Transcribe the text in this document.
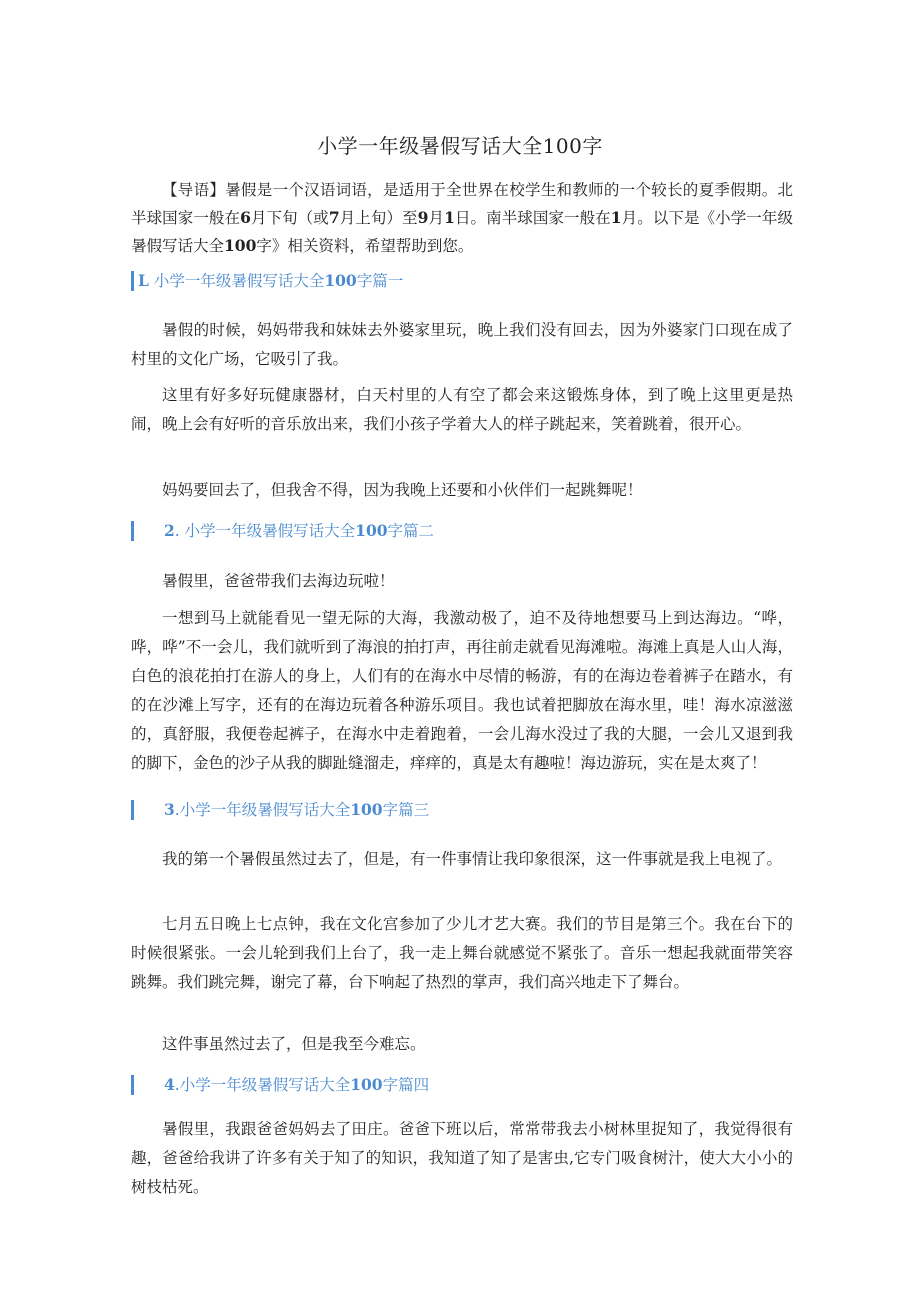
小学一年级暑假写话大全100字
【导语】暑假是一个汉语词语，是适用于全世界在校学生和教师的一个较长的夏季假期。北半球国家一般在6月下旬（或7月上旬）至9月1日。南半球国家一般在1月。以下是《小学一年级暑假写话大全100字》相关资料，希望帮助到您。
L 小学一年级暑假写话大全100字篇一
暑假的时候，妈妈带我和妹妹去外婆家里玩，晚上我们没有回去，因为外婆家门口现在成了村里的文化广场，它吸引了我。
这里有好多好玩健康器材，白天村里的人有空了都会来这锻炼身体，到了晚上这里更是热闹，晚上会有好听的音乐放出来，我们小孩子学着大人的样子跳起来，笑着跳着，很开心。
妈妈要回去了，但我舍不得，因为我晚上还要和小伙伴们一起跳舞呢！
2. 小学一年级暑假写话大全100字篇二
暑假里，爸爸带我们去海边玩啦！
一想到马上就能看见一望无际的大海，我激动极了，迫不及待地想要马上到达海边。“哗，哗，哗”不一会儿，我们就听到了海浪的拍打声，再往前走就看见海滩啦。海滩上真是人山人海，白色的浪花拍打在游人的身上，人们有的在海水中尽情的畅游，有的在海边卷着裤子在踏水，有的在沙滩上写字，还有的在海边玩着各种游乐项目。我也试着把脚放在海水里，哇！海水凉滋滋的，真舒服，我便卷起裤子，在海水中走着跑着，一会儿海水没过了我的大腿，一会儿又退到我的脚下，金色的沙子从我的脚趾缝溜走，痒痒的，真是太有趣啦！海边游玩，实在是太爽了！
3.小学一年级暑假写话大全100字篇三
我的第一个暑假虽然过去了，但是，有一件事情让我印象很深，这一件事就是我上电视了。
七月五日晚上七点钟，我在文化宫参加了少儿才艺大赛。我们的节目是第三个。我在台下的时候很紧张。一会儿轮到我们上台了，我一走上舞台就感觉不紧张了。音乐一想起我就面带笑容跳舞。我们跳完舞，谢完了幕，台下响起了热烈的掌声，我们高兴地走下了舞台。
这件事虽然过去了，但是我至今难忘。
4.小学一年级暑假写话大全100字篇四
暑假里，我跟爸爸妈妈去了田庄。爸爸下班以后，常常带我去小树林里捉知了，我觉得很有趣，爸爸给我讲了许多有关于知了的知识，我知道了知了是害虫,它专门吸食树汁，使大大小小的树枝枯死。
